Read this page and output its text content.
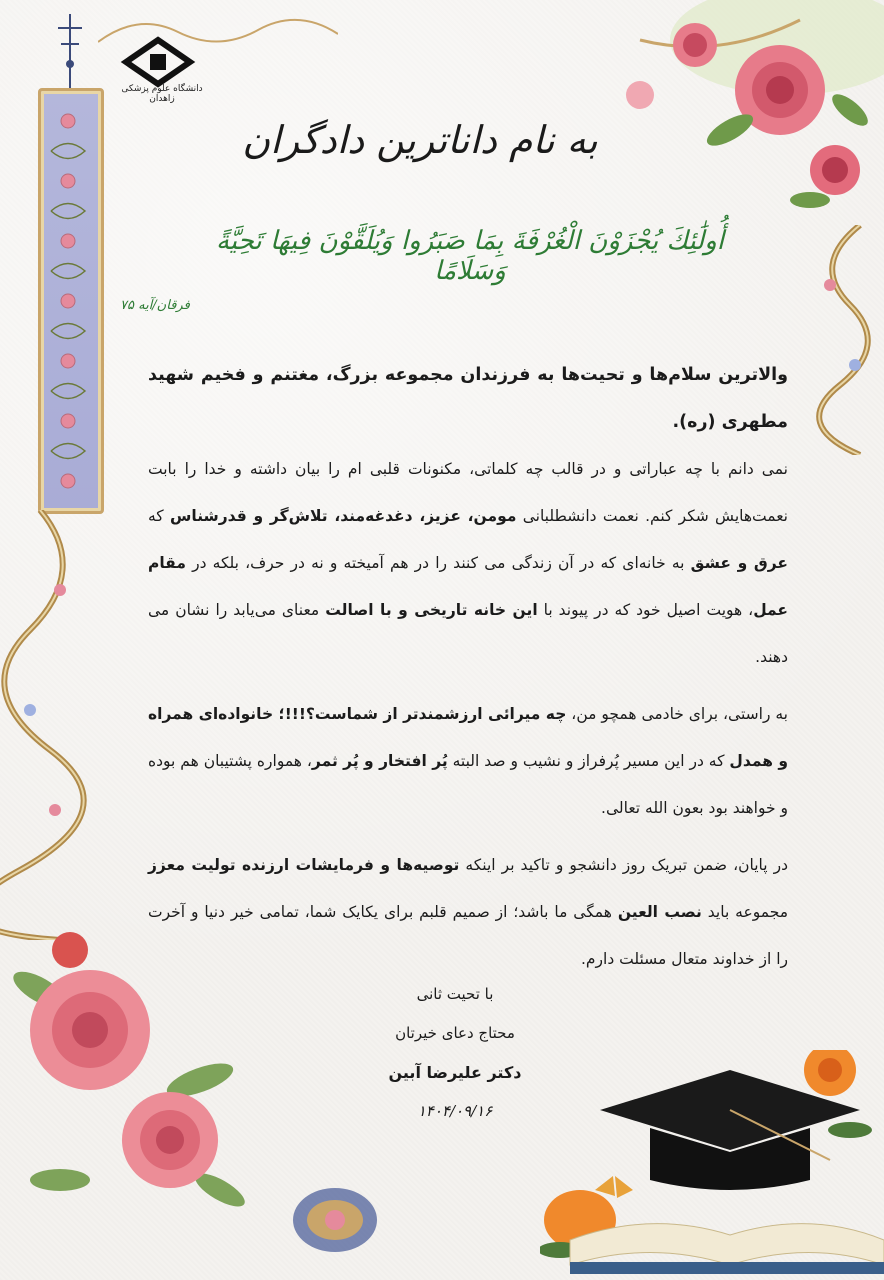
دانشگاه علوم پزشکی زاهدان
به نام داناترین دادگران
أُولَٰئِكَ يُجْزَوْنَ الْغُرْفَةَ بِمَا صَبَرُوا وَيُلَقَّوْنَ فِيهَا تَحِيَّةً وَسَلَامًا
فرقان/آیه ۷۵

والاترین سلام‌ها و تحیت‌ها به فرزندان مجموعه بزرگ، مغتنم و فخیم شهید مطهری (ره).
نمی دانم با چه عباراتی و در قالب چه کلماتی، مکنونات قلبی ام را بیان داشته و خدا را بابت نعمت‌هایش شکر کنم. نعمت دانشطلبانی مومن، عزیز، دغدغه‌مند، تلاش‌گر و قدرشناس که عرق و عشق به خانه‌ای که در آن زندگی می کنند را در هم آمیخته و نه در حرف، بلکه در مقام عمل، هویت اصیل خود که در پیوند با این خانه تاریخی و با اصالت معنای می‌یابد را نشان می دهند.

به راستی، برای خادمی همچو من، چه میرائی ارزشمندتر از شماست؟!!!؛ خانواده‌ای همراه و همدل که در این مسیر پُرفراز و نشیب و صد البته پُر افتخار و پُر ثمر، همواره پشتیبان هم بوده و خواهند بود بعون الله تعالی.

در پایان، ضمن تبریک روز دانشجو و تاکید بر اینکه توصیه‌ها و فرمایشات ارزنده تولیت معزز مجموعه باید نصب العین همگی ما باشد؛ از صمیم قلبم برای یکایک شما، تمامی خیر دنیا و آخرت را از خداوند متعال مسئلت دارم.

با تحیت ثانی
محتاج دعای خیرتان
دکتر علیرضا آبین
۱۴۰۴/۰۹/۱۶
